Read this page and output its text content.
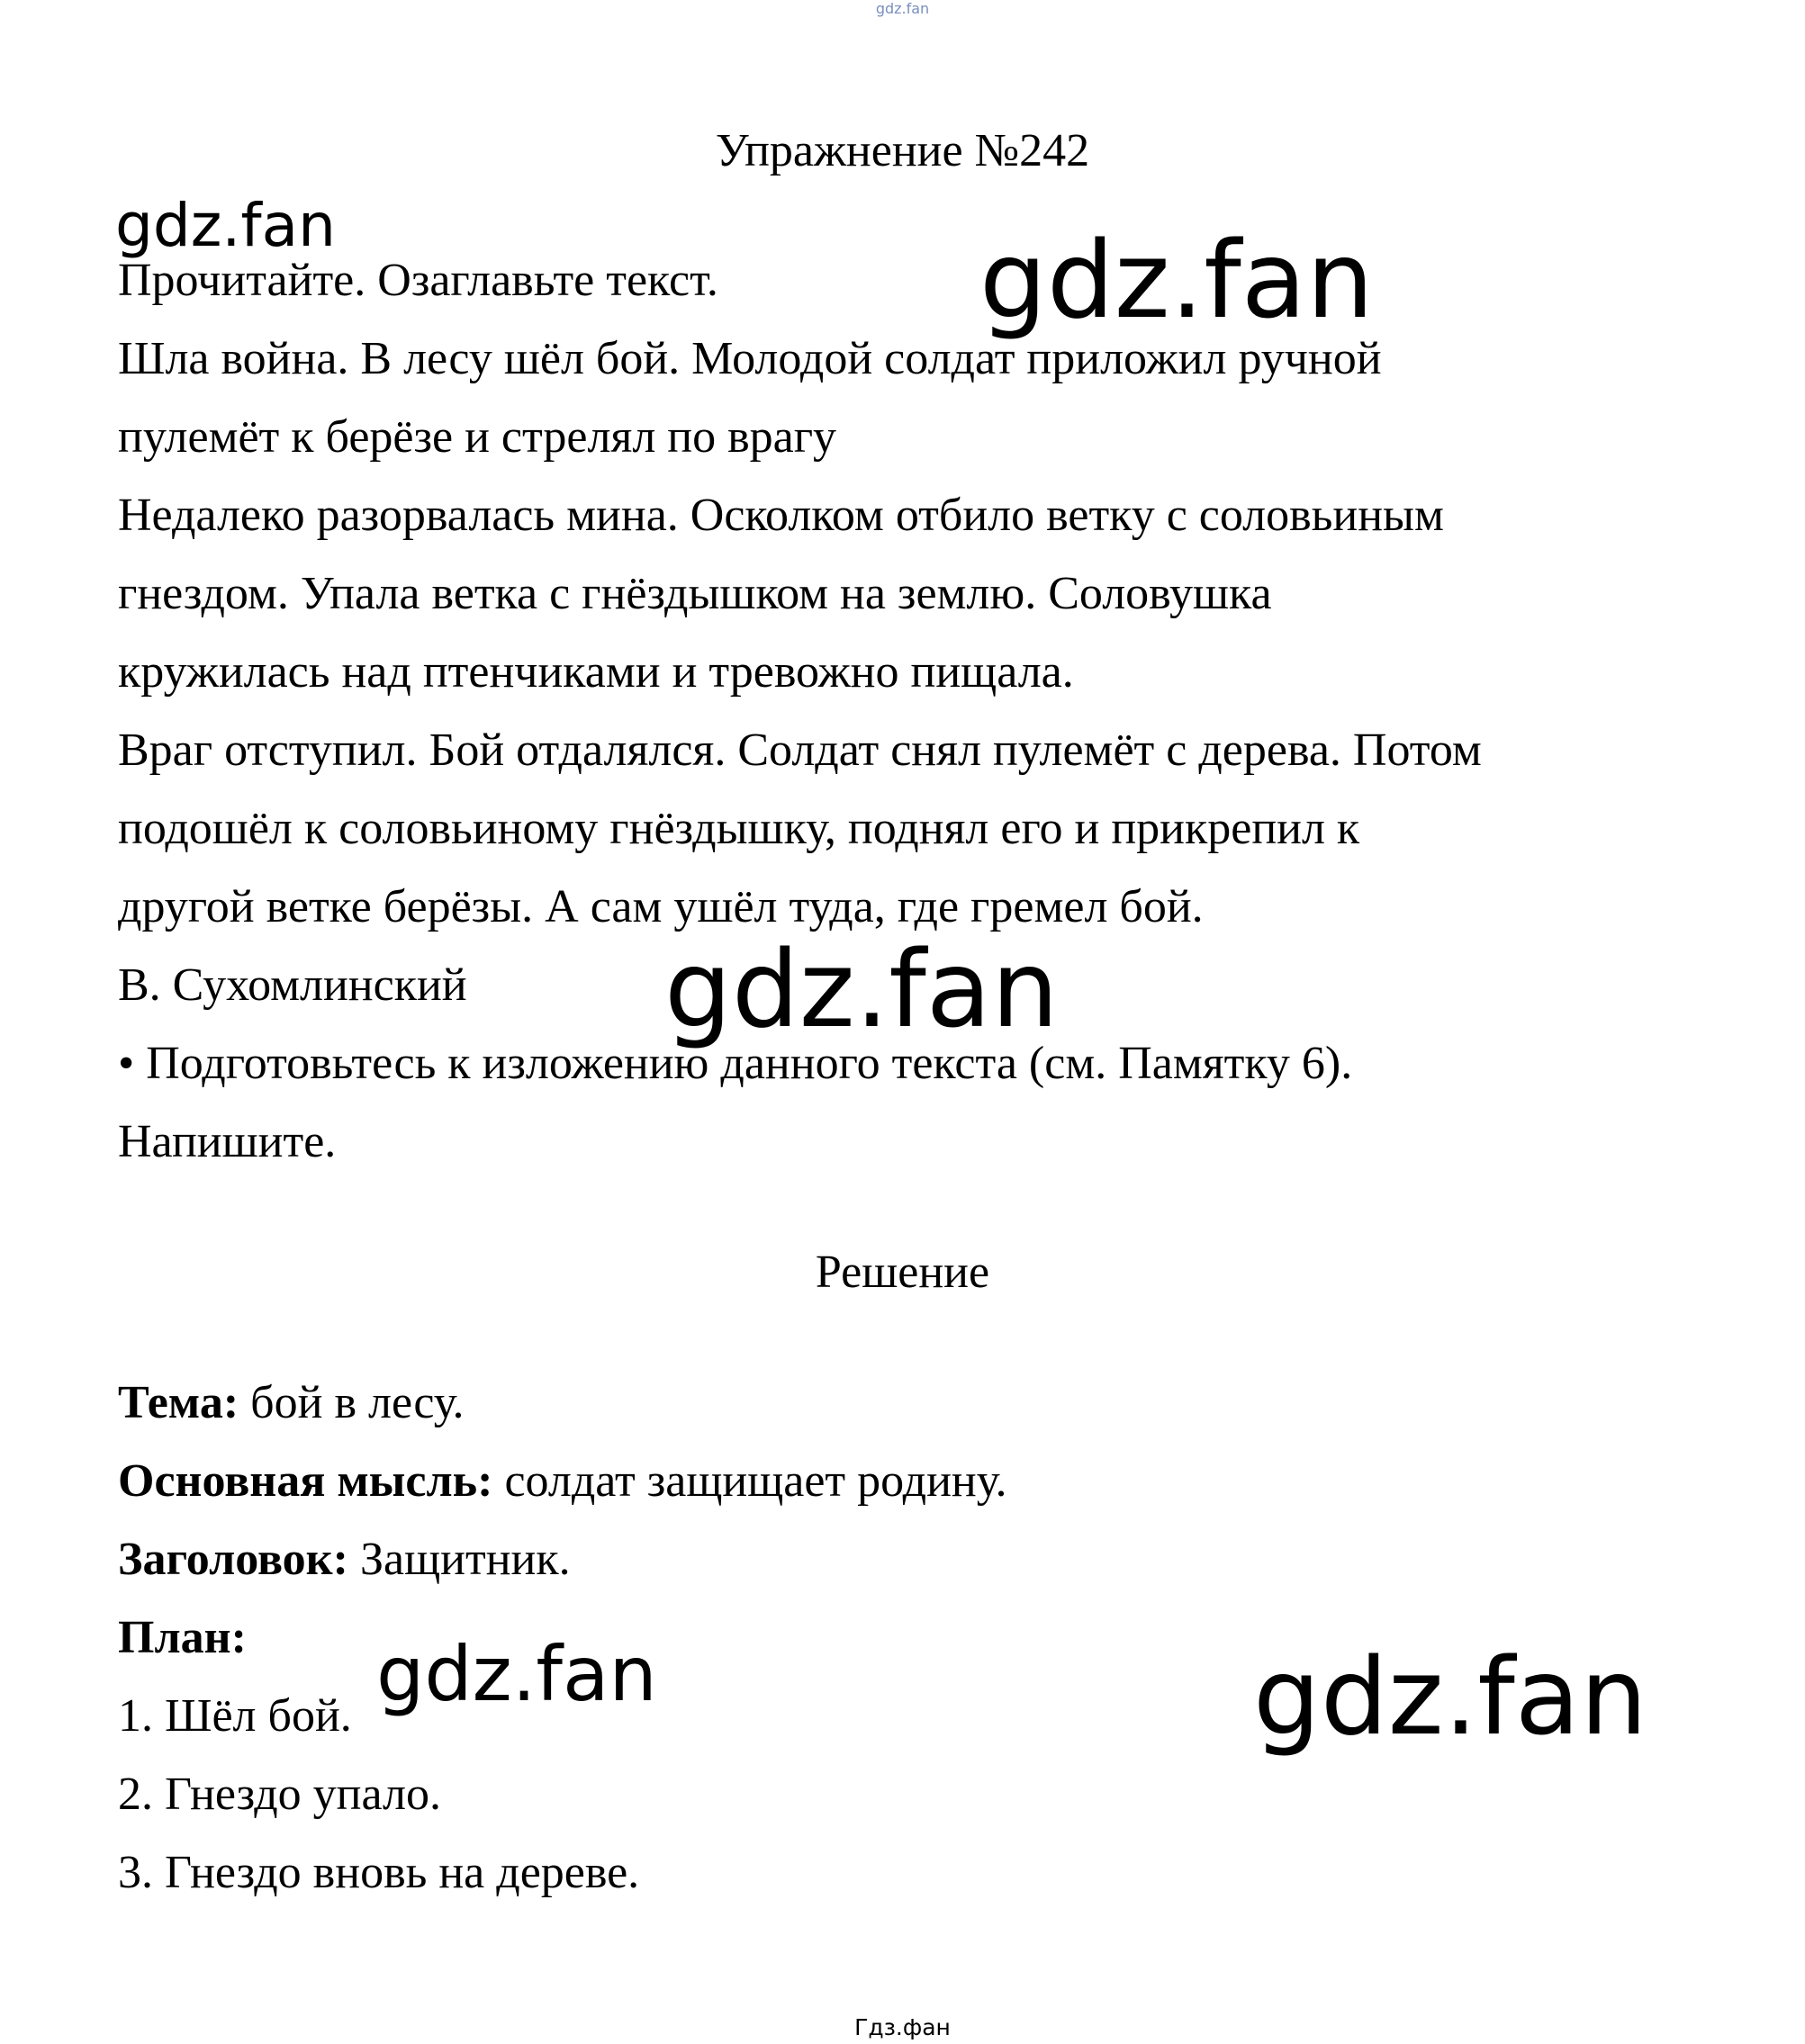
gdz.fan
Упражнение №242
Прочитайте. Озаглавьте текст.
Шла война. В лесу шёл бой. Молодой солдат приложил ручной
пулемёт к берёзе и стрелял по врагу
Недалеко разорвалась мина. Осколком отбило ветку с соловьиным
гнездом. Упала ветка с гнёздышком на землю. Соловушка
кружилась над птенчиками и тревожно пищала.
Враг отступил. Бой отдалялся. Солдат снял пулемёт с дерева. Потом
подошёл к соловьиному гнёздышку, поднял его и прикрепил к
другой ветке берёзы. А сам ушёл туда, где гремел бой.
В. Сухомлинский
• Подготовьтесь к изложению данного текста (см. Памятку 6).
Напишите.
Решение
Тема: бой в лесу.
Основная мысль: солдат защищает родину.
Заголовок: Защитник.
План:
1. Шёл бой.
2. Гнездо упало.
3. Гнездо вновь на дереве.
gdz.fan	gdz.fan
gdz.fan
gdz.fan	gdz.fan
Гдз.фан
